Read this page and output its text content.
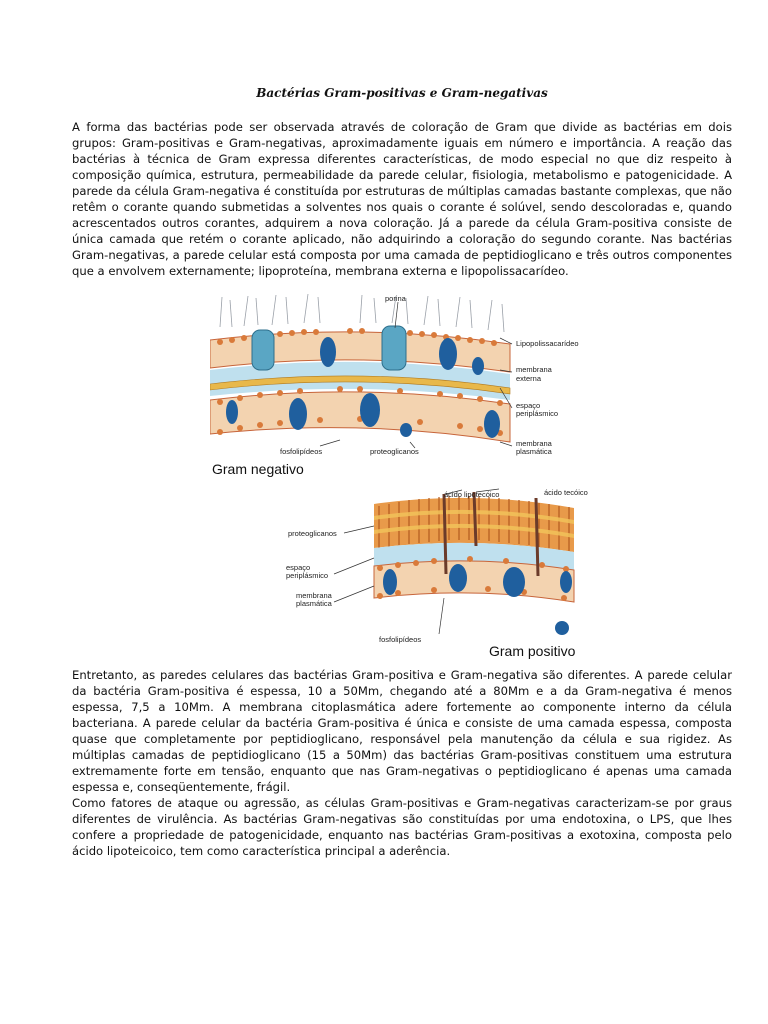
Bactérias Gram-positivas e Gram-negativas

A forma das bactérias pode ser observada através de coloração de Gram que divide as bactérias em dois grupos: Gram-positivas e Gram-negativas, aproximadamente iguais em número e importância. A reação das bactérias à técnica de Gram expressa diferentes características, de modo especial no que diz respeito à composição química, estrutura, permeabilidade da parede celular, fisiologia, metabolismo e patogenicidade. A parede da célula Gram-negativa é constituída por estruturas de múltiplas camadas bastante complexas, que não retêm o corante quando submetidas a solventes nos quais o corante é solúvel, sendo descoloradas e, quando acrescentados outros corantes, adquirem a nova coloração. Já a parede da célula Gram-positiva consiste de única camada que retém o corante aplicado, não adquirindo a coloração do segundo corante. Nas bactérias Gram-negativas, a parede celular está composta por uma camada de peptidioglicano e três outros componentes que a envolvem externamente; lipoproteína, membrana externa e lipopolissacarídeo.

porina
Lipopolissacarídeo
membrana
externa
espaço
periplásmico
membrana
plasmática
fosfolipídeos	proteoglicanos
Gram negativo
ácido lipotecóico	ácido tecóico
proteoglicanos
espaço
periplásmico
membrana
plasmática
fosfolipídeos
Gram positivo

Entretanto, as paredes celulares das bactérias Gram-positiva e Gram-negativa são diferentes. A parede celular da bactéria Gram-positiva é espessa, 10 a 50Mm, chegando até a 80Mm e a da Gram-negativa é menos espessa, 7,5 a 10Mm. A membrana citoplasmática adere fortemente ao componente interno da célula bacteriana. A parede celular da bactéria Gram-positiva é única e consiste de uma camada espessa, composta quase que completamente por peptidioglicano, responsável pela manutenção da célula e sua rigidez. As múltiplas camadas de peptidioglicano (15 a 50Mm) das bactérias Gram-positivas constituem uma estrutura extremamente forte em tensão, enquanto que nas Gram-negativas o peptidioglicano é apenas uma camada espessa e, conseqüentemente, frágil.

Como fatores de ataque ou agressão, as células Gram-positivas e Gram-negativas caracterizam-se por graus diferentes de virulência. As bactérias Gram-negativas são constituídas por uma endotoxina, o LPS, que lhes confere a propriedade de patogenicidade, enquanto nas bactérias Gram-positivas a exotoxina, composta pelo ácido lipoteicoico, tem como característica principal a aderência.
